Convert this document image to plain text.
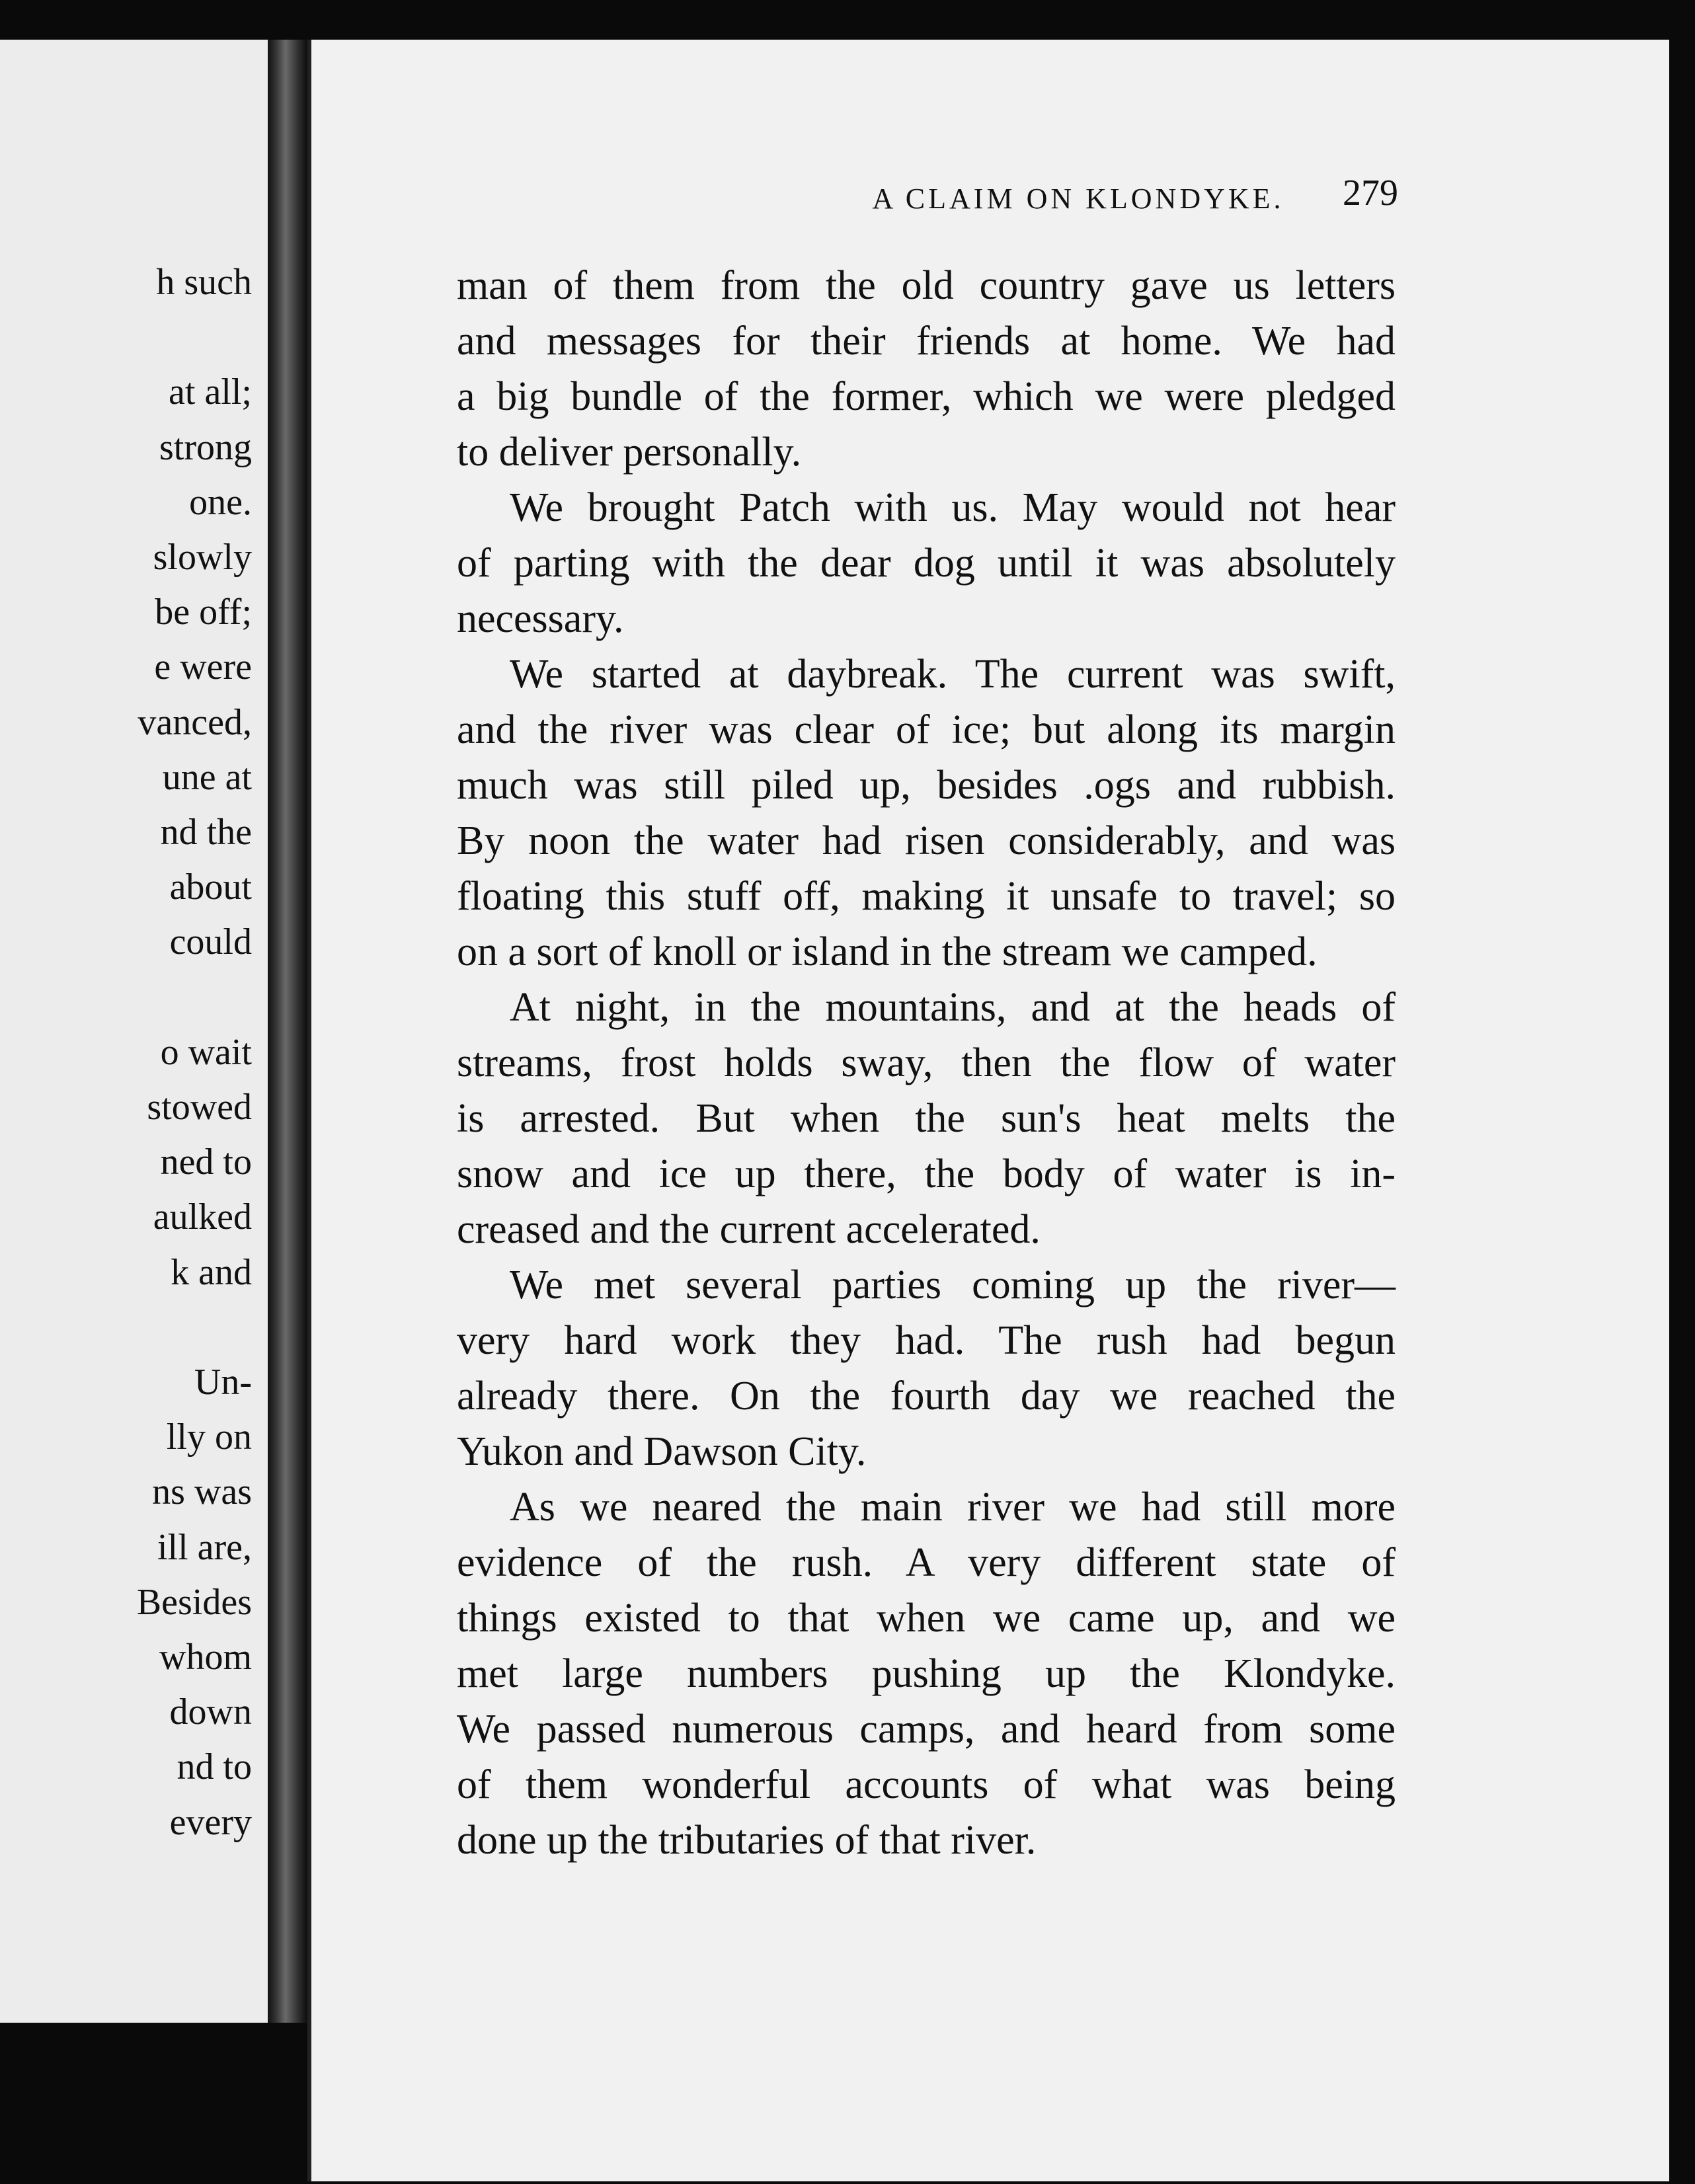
h such
at all;
strong
one.
slowly
be off;
e were
vanced,
une at
nd the
about
could
o wait
stowed
ned to
aulked
k and
Un-
lly on
ns was
ill are,
Besides
whom
down
nd to
every
A CLAIM ON KLONDYKE.	279
man of them from the old country gave us letters
and messages for their friends at home. We had
a big bundle of the former, which we were pledged
to deliver personally.
We brought Patch with us. May would not hear
of parting with the dear dog until it was absolutely
necessary.
We started at daybreak. The current was swift,
and the river was clear of ice; but along its margin
much was still piled up, besides .ogs and rubbish.
By noon the water had risen considerably, and was
floating this stuff off, making it unsafe to travel; so
on a sort of knoll or island in the stream we camped.
At night, in the mountains, and at the heads of
streams, frost holds sway, then the flow of water
is arrested. But when the sun's heat melts the
snow and ice up there, the body of water is in-
creased and the current accelerated.
We met several parties coming up the river—
very hard work they had. The rush had begun
already there. On the fourth day we reached the
Yukon and Dawson City.
As we neared the main river we had still more
evidence of the rush. A very different state of
things existed to that when we came up, and we
met large numbers pushing up the Klondyke.
We passed numerous camps, and heard from some
of them wonderful accounts of what was being
done up the tributaries of that river.
